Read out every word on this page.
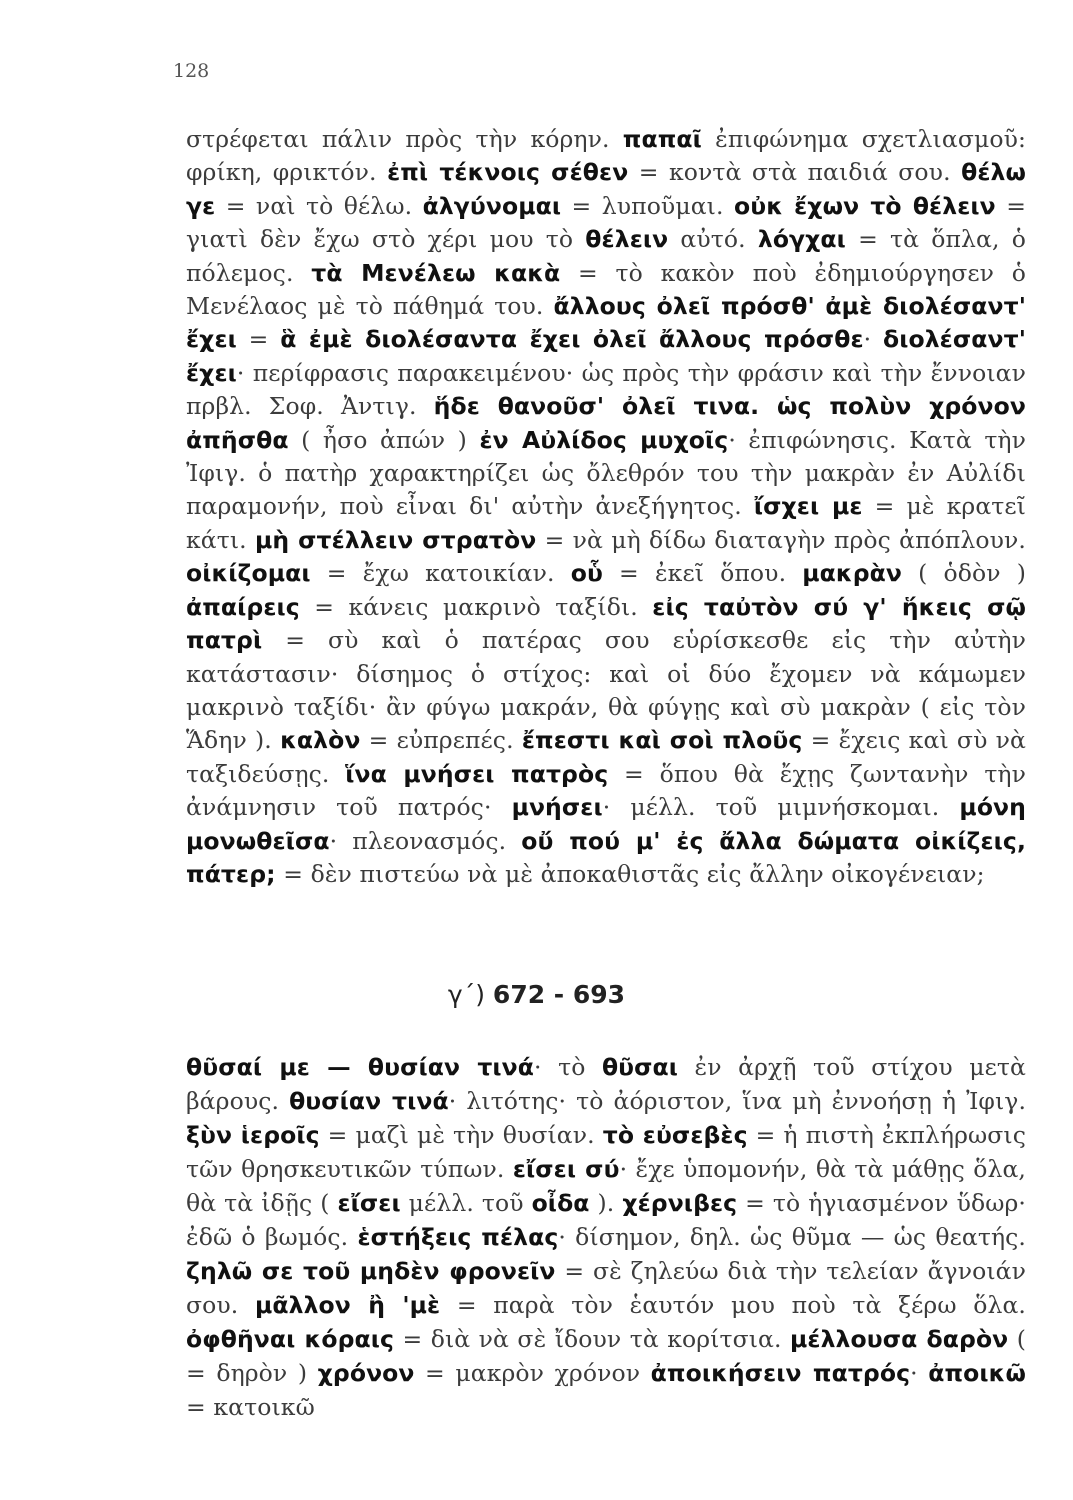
128
στρέφεται πάλιν πρὸς τὴν κόρην. παπαῖ ἐπιφώνημα σχετλιασμοῦ: φρίκη, φρικτόν. ἐπὶ τέκνοις σέθεν = κοντὰ στὰ παιδιά σου. θέλω γε = ναὶ τὸ θέλω. ἀλγύνομαι = λυποῦμαι. οὐκ ἔχων τὸ θέλειν = γιατὶ δὲν ἔχω στὸ χέρι μου τὸ θέλειν αὐτό. λόγχαι = τὰ ὅπλα, ὁ πόλεμος. τὰ Μενέλεω κακὰ = τὸ κακὸν ποὺ ἐδημιούργησεν ὁ Μενέλαος μὲ τὸ πάθημά του. ἄλλους ὀλεῖ πρόσθ' ἀμὲ διολέσαντ' ἔχει = ἃ ἐμὲ διολέσαντα ἔχει ὀλεῖ ἄλλους πρόσθε· διολέσαντ' ἔχει· περίφρασις παρακειμένου· ὡς πρὸς τὴν φράσιν καὶ τὴν ἔννοιαν πρβλ. Σοφ. Ἀντιγ. ἥδε θανοῦσ' ὀλεῖ τινα. ὡς πολὺν χρόνον ἀπῆσθα ( ἦσο ἀπών ) ἐν Αὐλίδος μυχοῖς· ἐπιφώνησις. Κατὰ τὴν Ἰφιγ. ὁ πατὴρ χαρακτηρίζει ὡς ὄλεθρόν του τὴν μακρὰν ἐν Αὐλίδι παραμονήν, ποὺ εἶναι δι' αὐτὴν ἀνεξήγητος. ἴσχει με = μὲ κρατεῖ κάτι. μὴ στέλλειν στρατὸν = νὰ μὴ δίδω διαταγὴν πρὸς ἀπόπλουν. οἰκίζομαι = ἔχω κατοικίαν. οὗ = ἐκεῖ ὅπου. μακρὰν ( ὁδὸν ) ἀπαίρεις = κάνεις μακρινὸ ταξίδι. εἰς ταὐτὸν σύ γ' ἥκεις σῷ πατρὶ = σὺ καὶ ὁ πατέρας σου εὑρίσκεσθε εἰς τὴν αὐτὴν κατάστασιν· δίσημος ὁ στίχος: καὶ οἱ δύο ἔχομεν νὰ κάμωμεν μακρινὸ ταξίδι· ἂν φύγω μακράν, θὰ φύγῃς καὶ σὺ μακρὰν ( εἰς τὸν Ἅδην ). καλὸν = εὐπρεπές. ἔπεστι καὶ σοὶ πλοῦς = ἔχεις καὶ σὺ νὰ ταξιδεύσῃς. ἵνα μνήσει πατρὸς = ὅπου θὰ ἔχῃς ζωντανὴν τὴν ἀνάμνησιν τοῦ πατρός· μνήσει· μέλλ. τοῦ μιμνήσκομαι. μόνη μονωθεῖσα· πλεονασμός. οὔ πού μ' ἐς ἄλλα δώματα οἰκίζεις, πάτερ; = δὲν πιστεύω νὰ μὲ ἀποκαθιστᾶς εἰς ἄλλην οἰκογένειαν;
γ΄) 672 - 693
θῦσαί με — θυσίαν τινά· τὸ θῦσαι ἐν ἀρχῇ τοῦ στίχου μετὰ βάρους. θυσίαν τινά· λιτότης· τὸ ἀόριστον, ἵνα μὴ ἐννοήσῃ ἡ Ἰφιγ. ξὺν ἱεροῖς = μαζὶ μὲ τὴν θυσίαν. τὸ εὐσεβὲς = ἡ πιστὴ ἐκπλήρωσις τῶν θρησκευτικῶν τύπων. εἴσει σύ· ἔχε ὑπομονήν, θὰ τὰ μάθῃς ὅλα, θὰ τὰ ἰδῇς ( εἴσει μέλλ. τοῦ οἶδα ). χέρνιβες = τὸ ἡγιασμένον ὕδωρ· ἐδῶ ὁ βωμός. ἑστήξεις πέλας· δίσημον, δηλ. ὡς θῦμα — ὡς θεατής. ζηλῶ σε τοῦ μηδὲν φρονεῖν = σὲ ζηλεύω διὰ τὴν τελείαν ἄγνοιάν σου. μᾶλλον ἢ 'μὲ = παρὰ τὸν ἑαυτόν μου ποὺ τὰ ξέρω ὅλα. ὀφθῆναι κόραις = διὰ νὰ σὲ ἴδουν τὰ κορίτσια. μέλλουσα δαρὸν ( = δηρὸν ) χρόνον = μακρὸν χρόνον ἀποικήσειν πατρός· ἀποικῶ = κατοικῶ
